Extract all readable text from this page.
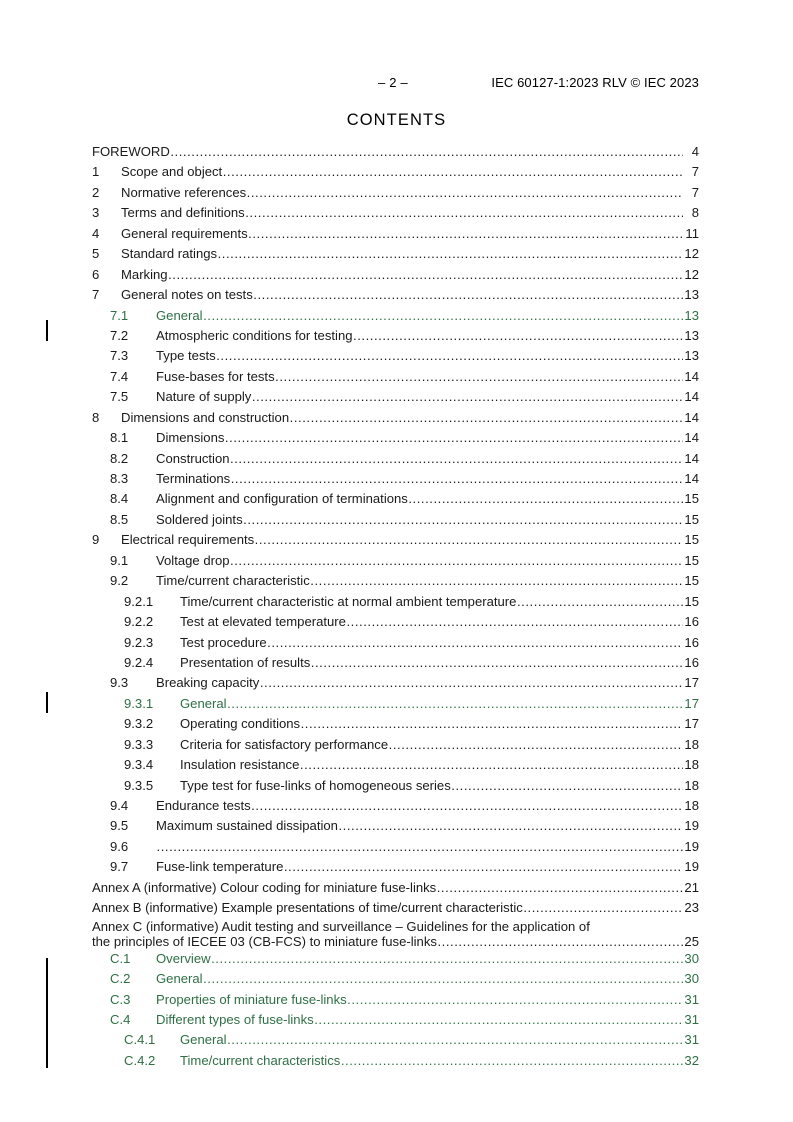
– 2 –	IEC 60127-1:2023 RLV © IEC 2023
CONTENTS
FOREWORD .....	4
1 Scope and object .....	7
2 Normative references .....	7
3 Terms and definitions .....	8
4 General requirements .....	11
5 Standard ratings .....	12
6 Marking .....	12
7 General notes on tests .....	13
7.1 General .....	13
7.2 Atmospheric conditions for testing .....	13
7.3 Type tests .....	13
7.4 Fuse-bases for tests .....	14
7.5 Nature of supply .....	14
8 Dimensions and construction .....	14
8.1 Dimensions .....	14
8.2 Construction .....	14
8.3 Terminations .....	14
8.4 Alignment and configuration of terminations .....	15
8.5 Soldered joints .....	15
9 Electrical requirements .....	15
9.1 Voltage drop .....	15
9.2 Time/current characteristic .....	15
9.2.1 Time/current characteristic at normal ambient temperature .....	15
9.2.2 Test at elevated temperature .....	16
9.2.3 Test procedure .....	16
9.2.4 Presentation of results .....	16
9.3 Breaking capacity .....	17
9.3.1 General .....	17
9.3.2 Operating conditions .....	17
9.3.3 Criteria for satisfactory performance .....	18
9.3.4 Insulation resistance .....	18
9.3.5 Type test for fuse-links of homogeneous series .....	18
9.4 Endurance tests .....	18
9.5 Maximum sustained dissipation .....	19
9.6 .....	19
9.7 Fuse-link temperature .....	19
Annex A (informative) Colour coding for miniature fuse-links .....	21
Annex B (informative) Example presentations of time/current characteristic .....	23
Annex C (informative) Audit testing and surveillance – Guidelines for the application of
the principles of IECEE 03 (CB-FCS) to miniature fuse-links .....	25
C.1 Overview .....	30
C.2 General .....	30
C.3 Properties of miniature fuse-links .....	31
C.4 Different types of fuse-links .....	31
C.4.1 General .....	31
C.4.2 Time/current characteristics .....	32
